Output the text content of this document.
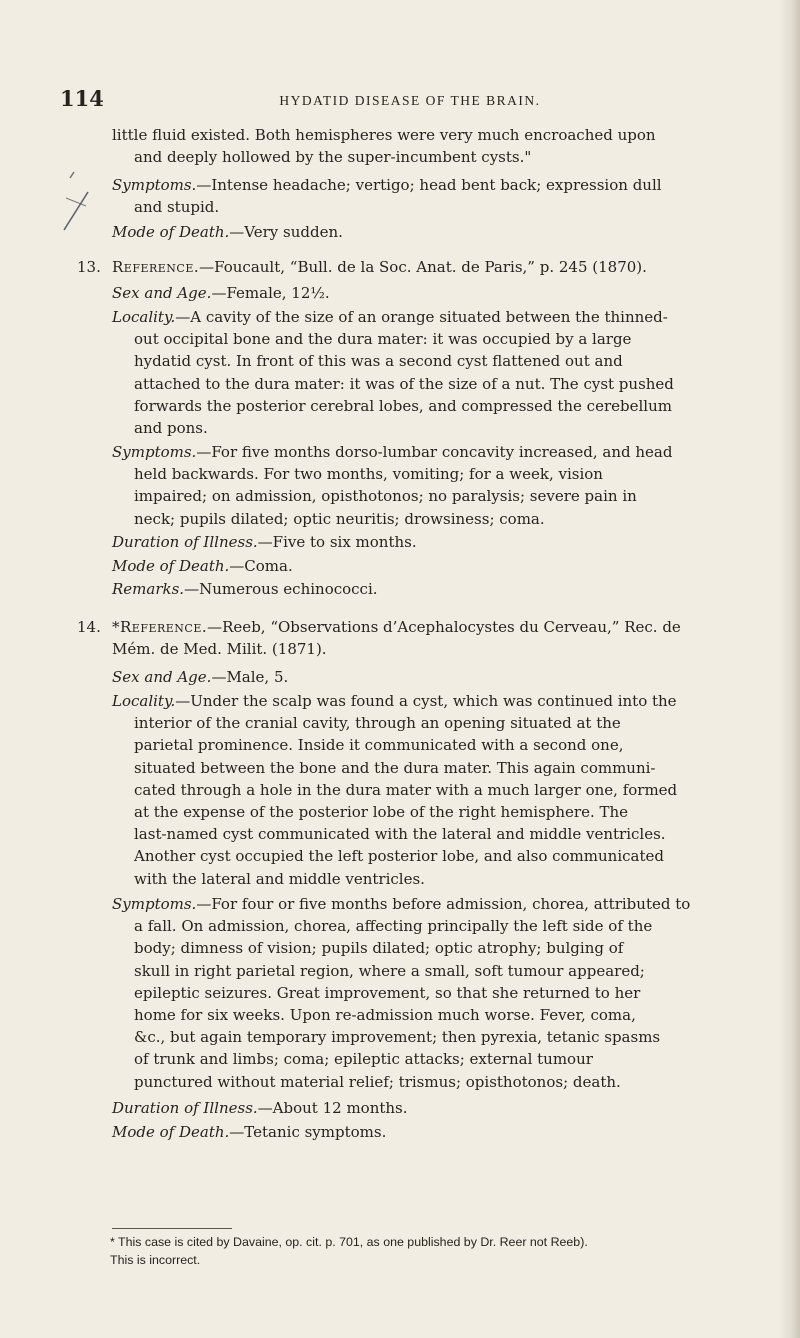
114	HYDATID DISEASE OF THE BRAIN.

little fluid existed. Both hemispheres were very much encroached upon

and deeply hollowed by the super-incumbent cysts."

Symptoms.—Intense headache; vertigo; head bent back; expression dull

and stupid.

Mode of Death.—Very sudden.

13. Reference.—Foucault, “Bull. de la Soc. Anat. de Paris,” p. 245 (1870).

Sex and Age.—Female, 12½.

Locality.—A cavity of the size of an orange situated between the thinned-

out occipital bone and the dura mater: it was occupied by a large

hydatid cyst. In front of this was a second cyst flattened out and

attached to the dura mater: it was of the size of a nut. The cyst pushed

forwards the posterior cerebral lobes, and compressed the cerebellum

and pons.

Symptoms.—For five months dorso-lumbar concavity increased, and head

held backwards. For two months, vomiting; for a week, vision

impaired; on admission, opisthotonos; no paralysis; severe pain in

neck; pupils dilated; optic neuritis; drowsiness; coma.

Duration of Illness.—Five to six months.

Mode of Death.—Coma.

Remarks.—Numerous echinococci.

14. *Reference.—Reeb, “Observations d’Acephalocystes du Cerveau,” Rec. de

Mém. de Med. Milit. (1871).

Sex and Age.—Male, 5.

Locality.—Under the scalp was found a cyst, which was continued into the

interior of the cranial cavity, through an opening situated at the

parietal prominence. Inside it communicated with a second one,

situated between the bone and the dura mater. This again communi-

cated through a hole in the dura mater with a much larger one, formed

at the expense of the posterior lobe of the right hemisphere. The

last-named cyst communicated with the lateral and middle ventricles.

Another cyst occupied the left posterior lobe, and also communicated

with the lateral and middle ventricles.

Symptoms.—For four or five months before admission, chorea, attributed to

a fall. On admission, chorea, affecting principally the left side of the

body; dimness of vision; pupils dilated; optic atrophy; bulging of

skull in right parietal region, where a small, soft tumour appeared;

epileptic seizures. Great improvement, so that she returned to her

home for six weeks. Upon re-admission much worse. Fever, coma,

&c., but again temporary improvement; then pyrexia, tetanic spasms

of trunk and limbs; coma; epileptic attacks; external tumour

punctured without material relief; trismus; opisthotonos; death.

Duration of Illness.—About 12 months.

Mode of Death.—Tetanic symptoms.

* This case is cited by Davaine, op. cit. p. 701, as one published by Dr. Reer not Reeb).

This is incorrect.
